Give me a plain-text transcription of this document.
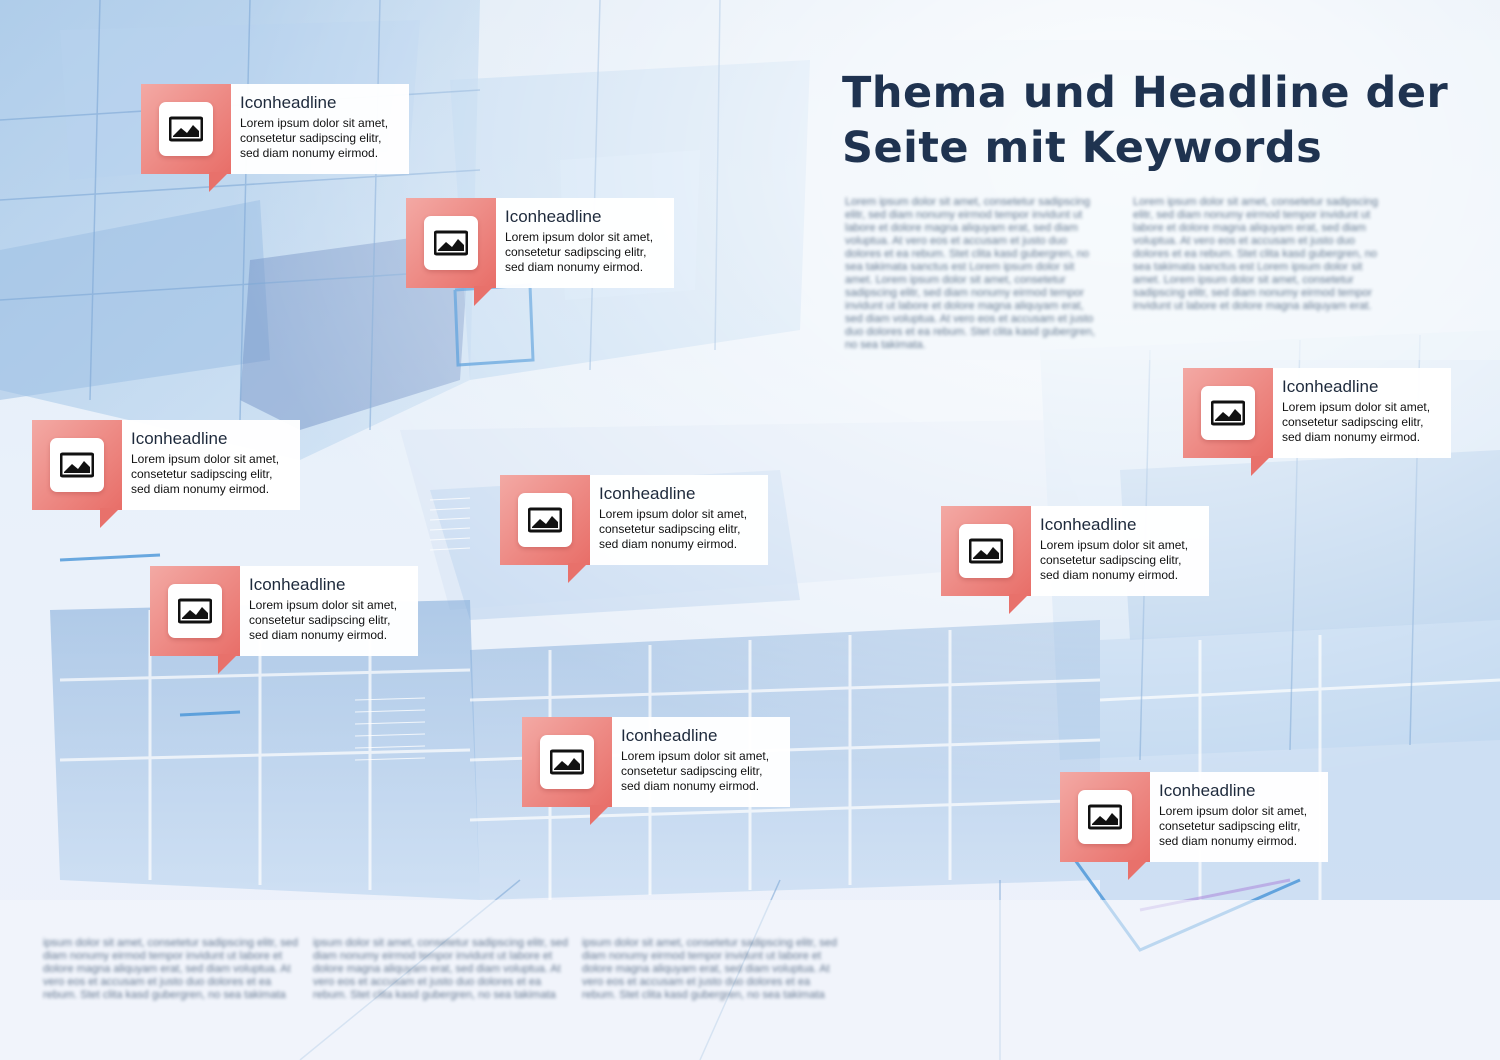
Thema und Headline der
Seite mit Keywords
Lorem ipsum dolor sit amet, consetetur sadipscing elitr, sed diam nonumy eirmod tempor invidunt ut labore et dolore magna aliquyam erat, sed diam voluptua. At vero eos et accusam et justo duo dolores et ea rebum. Stet clita kasd gubergren, no sea takimata sanctus est Lorem ipsum dolor sit amet. Lorem ipsum dolor sit amet, consetetur sadipscing elitr, sed diam nonumy eirmod tempor invidunt ut labore et dolore magna aliquyam erat, sed diam voluptua. At vero eos et accusam et justo duo dolores et ea rebum. Stet clita kasd gubergren, no sea takimata.
Lorem ipsum dolor sit amet, consetetur sadipscing elitr, sed diam nonumy eirmod tempor invidunt ut labore et dolore magna aliquyam erat, sed diam voluptua. At vero eos et accusam et justo duo dolores et ea rebum. Stet clita kasd gubergren, no sea takimata sanctus est Lorem ipsum dolor sit amet. Lorem ipsum dolor sit amet, consetetur sadipscing elitr, sed diam nonumy eirmod tempor invidunt ut labore et dolore magna aliquyam erat.
ipsum dolor sit amet, consetetur sadipscing elitr, sed diam nonumy eirmod tempor invidunt ut labore et dolore magna aliquyam erat, sed diam voluptua. At vero eos et accusam et justo duo dolores et ea rebum. Stet clita kasd gubergren, no sea takimata
ipsum dolor sit amet, consetetur sadipscing elitr, sed diam nonumy eirmod tempor invidunt ut labore et dolore magna aliquyam erat, sed diam voluptua. At vero eos et accusam et justo duo dolores et ea rebum. Stet clita kasd gubergren, no sea takimata
ipsum dolor sit amet, consetetur sadipscing elitr, sed diam nonumy eirmod tempor invidunt ut labore et dolore magna aliquyam erat, sed diam voluptua. At vero eos et accusam et justo duo dolores et ea rebum. Stet clita kasd gubergren, no sea takimata
Iconheadline
Lorem ipsum dolor sit amet, consetetur sadipscing elitr, sed diam nonumy eirmod.
Iconheadline
Lorem ipsum dolor sit amet, consetetur sadipscing elitr, sed diam nonumy eirmod.
Iconheadline
Lorem ipsum dolor sit amet, consetetur sadipscing elitr, sed diam nonumy eirmod.
Iconheadline
Lorem ipsum dolor sit amet, consetetur sadipscing elitr, sed diam nonumy eirmod.
Iconheadline
Lorem ipsum dolor sit amet, consetetur sadipscing elitr, sed diam nonumy eirmod.
Iconheadline
Lorem ipsum dolor sit amet, consetetur sadipscing elitr, sed diam nonumy eirmod.
Iconheadline
Lorem ipsum dolor sit amet, consetetur sadipscing elitr, sed diam nonumy eirmod.
Iconheadline
Lorem ipsum dolor sit amet, consetetur sadipscing elitr, sed diam nonumy eirmod.
Iconheadline
Lorem ipsum dolor sit amet, consetetur sadipscing elitr, sed diam nonumy eirmod.
